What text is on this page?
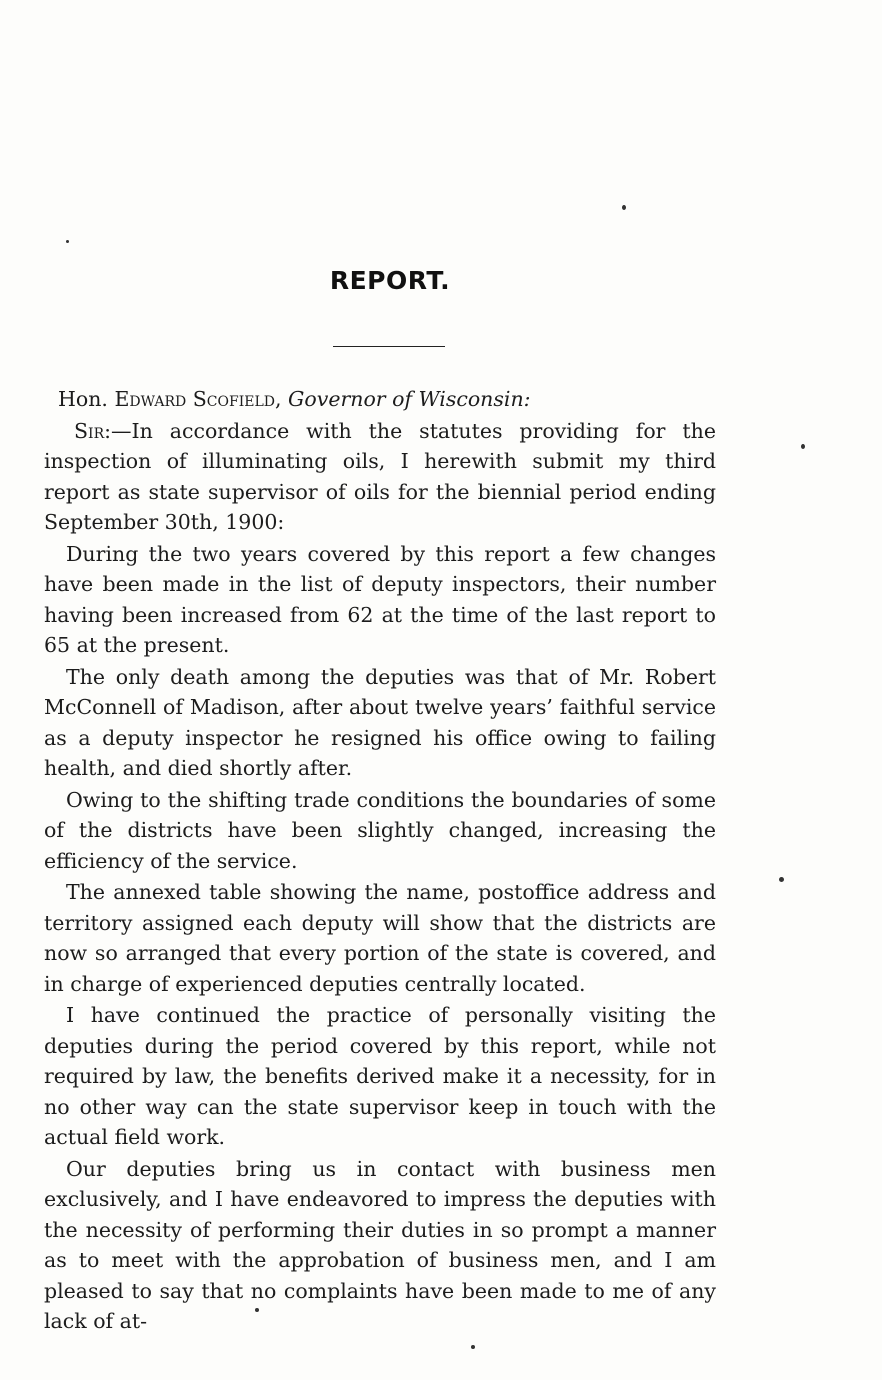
REPORT.

Hon. Edward Scofield, Governor of Wisconsin:

Sir:—In accordance with the statutes providing for the inspection of illuminating oils, I herewith submit my third report as state supervisor of oils for the biennial period ending September 30th, 1900:

During the two years covered by this report a few changes have been made in the list of deputy inspectors, their number having been increased from 62 at the time of the last report to 65 at the present.

The only death among the deputies was that of Mr. Robert McConnell of Madison, after about twelve years’ faithful service as a deputy inspector he resigned his office owing to failing health, and died shortly after.

Owing to the shifting trade conditions the boundaries of some of the districts have been slightly changed, increasing the efficiency of the service.

The annexed table showing the name, postoffice address and territory assigned each deputy will show that the districts are now so arranged that every portion of the state is covered, and in charge of experienced deputies centrally located.

I have continued the practice of personally visiting the deputies during the period covered by this report, while not required by law, the benefits derived make it a necessity, for in no other way can the state supervisor keep in touch with the actual field work.

Our deputies bring us in contact with business men exclusively, and I have endeavored to impress the deputies with the necessity of performing their duties in so prompt a manner as to meet with the approbation of business men, and I am pleased to say that no complaints have been made to me of any lack of at-
